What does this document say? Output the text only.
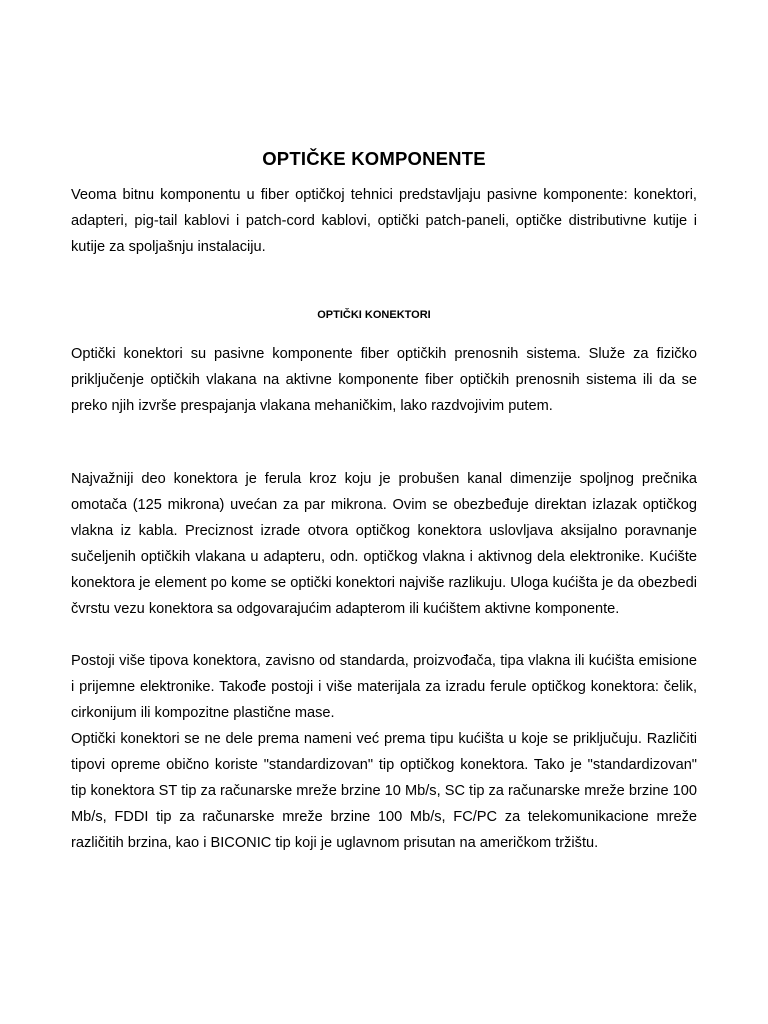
OPTIČKE KOMPONENTE

Veoma bitnu komponentu u fiber optičkoj tehnici predstavljaju pasivne komponente: konektori, adapteri, pig-tail kablovi i patch-cord kablovi, optički patch-paneli, optičke distributivne kutije i kutije za spoljašnju instalaciju.

OPTIČKI KONEKTORI

Optički konektori su pasivne komponente fiber optičkih prenosnih sistema. Služe za fizičko priključenje optičkih vlakana na aktivne komponente fiber optičkih prenosnih sistema ili da se preko njih izvrše prespajanja vlakana mehaničkim, lako razdvojivim putem.

Najvažniji deo konektora je ferula kroz koju je probušen kanal dimenzije spoljnog prečnika omotača (125 mikrona) uvećan za par mikrona. Ovim se obezbeđuje direktan izlazak optičkog vlakna iz kabla. Preciznost izrade otvora optičkog konektora uslovljava aksijalno poravnanje sučeljenih optičkih vlakana u adapteru, odn. optičkog vlakna i aktivnog dela elektronike. Kućište konektora je element po kome se optički konektori najviše razlikuju. Uloga kućišta je da obezbedi čvrstu vezu konektora sa odgovarajućim adapterom ili kućištem aktivne komponente.

Postoji više tipova konektora, zavisno od standarda, proizvođača, tipa vlakna ili kućišta emisione i prijemne elektronike. Takođe postoji i više materijala za izradu ferule optičkog konektora: čelik, cirkonijum ili kompozitne plastične mase.

Optički konektori se ne dele prema nameni već prema tipu kućišta u koje se priključuju. Različiti tipovi opreme obično koriste "standardizovan" tip optičkog konektora. Tako je "standardizovan" tip konektora ST tip za računarske mreže brzine 10 Mb/s, SC tip za računarske mreže brzine 100 Mb/s, FDDI tip za računarske mreže brzine 100 Mb/s, FC/PC za telekomunikacione mreže različitih brzina, kao i BICONIC tip koji je uglavnom prisutan na američkom tržištu.
